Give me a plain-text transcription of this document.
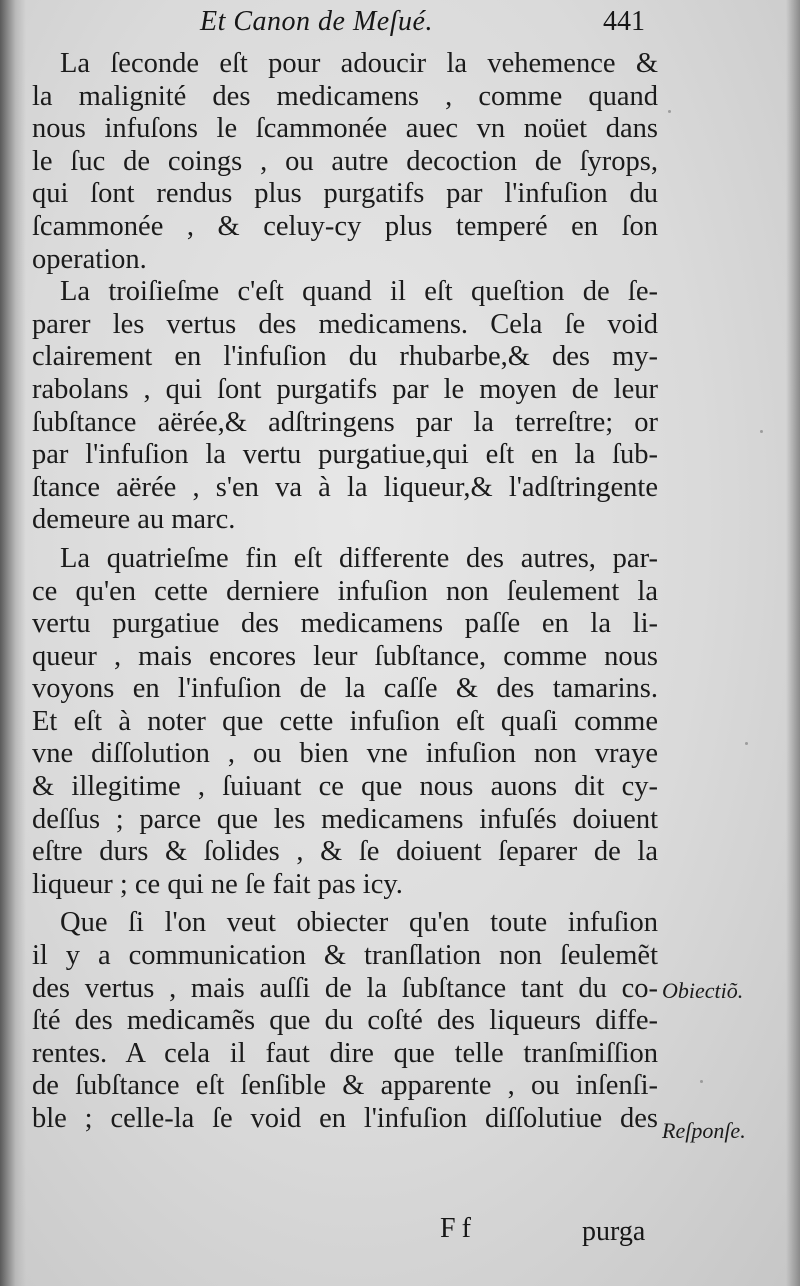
Et Canon de Meſué.	441
La ſeconde eſt pour adoucir la vehemence &
la malignité des medicamens , comme quand
nous infuſons le ſcammonée auec vn noüet dans
le ſuc de coings , ou autre decoction de ſyrops,
qui ſont rendus plus purgatifs par l'infuſion du
ſcammonée , & celuy-cy plus temperé en ſon
operation.
La troiſieſme c'eſt quand il eſt queſtion de ſe-
parer les vertus des medicamens. Cela ſe void
clairement en l'infuſion du rhubarbe,& des my-
rabolans , qui ſont purgatifs par le moyen de leur
ſubſtance aërée,& adſtringens par la terreſtre; or
par l'infuſion la vertu purgatiue,qui eſt en la ſub-
ſtance aërée , s'en va à la liqueur,& l'adſtringente
demeure au marc.
La quatrieſme fin eſt differente des autres, par-
ce qu'en cette derniere infuſion non ſeulement la
vertu purgatiue des medicamens paſſe en la li-
queur , mais encores leur ſubſtance, comme nous
voyons en l'infuſion de la caſſe & des tamarins.
Et eſt à noter que cette infuſion eſt quaſi comme
vne diſſolution , ou bien vne infuſion non vraye
& illegitime , ſuiuant ce que nous auons dit cy-
deſſus ; parce que les medicamens infuſés doiuent
eſtre durs & ſolides , & ſe doiuent ſeparer de la
liqueur ; ce qui ne ſe fait pas icy.
Que ſi l'on veut obiecter qu'en toute infuſion
il y a communication & tranſlation non ſeulemẽt
des vertus , mais auſſi de la ſubſtance tant du co-
ſté des medicamẽs que du coſté des liqueurs diffe-
rentes. A cela il faut dire que telle tranſmiſſion
de ſubſtance eſt ſenſible & apparente , ou inſenſi-
ble ; celle-la ſe void en l'infuſion diſſolutiue des
Obiectiõ.
Reſponſe.
Ff	purga
